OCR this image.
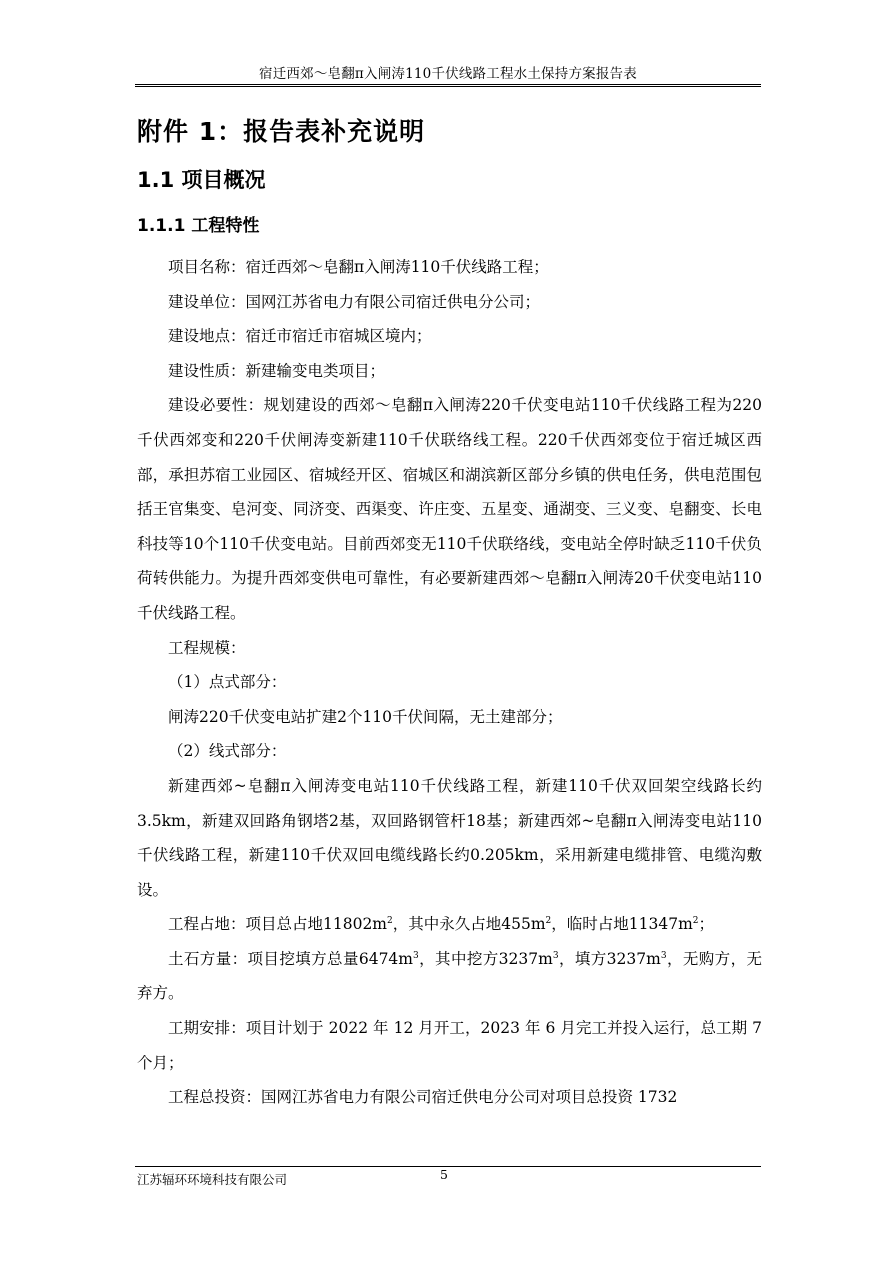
宿迁西郊～皂翻π入闸涛110千伏线路工程水土保持方案报告表
附件 1：报告表补充说明
1.1 项目概况
1.1.1 工程特性

项目名称：宿迁西郊～皂翻π入闸涛110千伏线路工程；

建设单位：国网江苏省电力有限公司宿迁供电分公司；

建设地点：宿迁市宿迁市宿城区境内；

建设性质：新建输变电类项目；

建设必要性：规划建设的西郊～皂翻π入闸涛220千伏变电站110千伏线路工程为220千伏西郊变和220千伏闸涛变新建110千伏联络线工程。220千伏西郊变位于宿迁城区西部，承担苏宿工业园区、宿城经开区、宿城区和湖滨新区部分乡镇的供电任务，供电范围包括王官集变、皂河变、同济变、西渠变、许庄变、五星变、通湖变、三义变、皂翻变、长电科技等10个110千伏变电站。目前西郊变无110千伏联络线，变电站全停时缺乏110千伏负荷转供能力。为提升西郊变供电可靠性，有必要新建西郊～皂翻π入闸涛20千伏变电站110千伏线路工程。

工程规模：

（1）点式部分：

闸涛220千伏变电站扩建2个110千伏间隔，无土建部分；

（2）线式部分：

新建西郊~皂翻π入闸涛变电站110千伏线路工程，新建110千伏双回架空线路长约3.5km，新建双回路角钢塔2基，双回路钢管杆18基；新建西郊~皂翻π入闸涛变电站110千伏线路工程，新建110千伏双回电缆线路长约0.205km，采用新建电缆排管、电缆沟敷设。

工程占地：项目总占地$11802m^2$，其中永久占地$455m^2$，临时占地$11347m^2$；

土石方量：项目挖填方总量$6474m^3$，其中挖方$3237m^3$，填方$3237m^3$，无购方，无弃方。

工期安排：项目计划于 2022 年 12 月开工，2023 年 6 月完工并投入运行，总工期 7 个月；

工程总投资：国网江苏省电力有限公司宿迁供电分公司对项目总投资 1732

江苏辐环环境科技有限公司	5
